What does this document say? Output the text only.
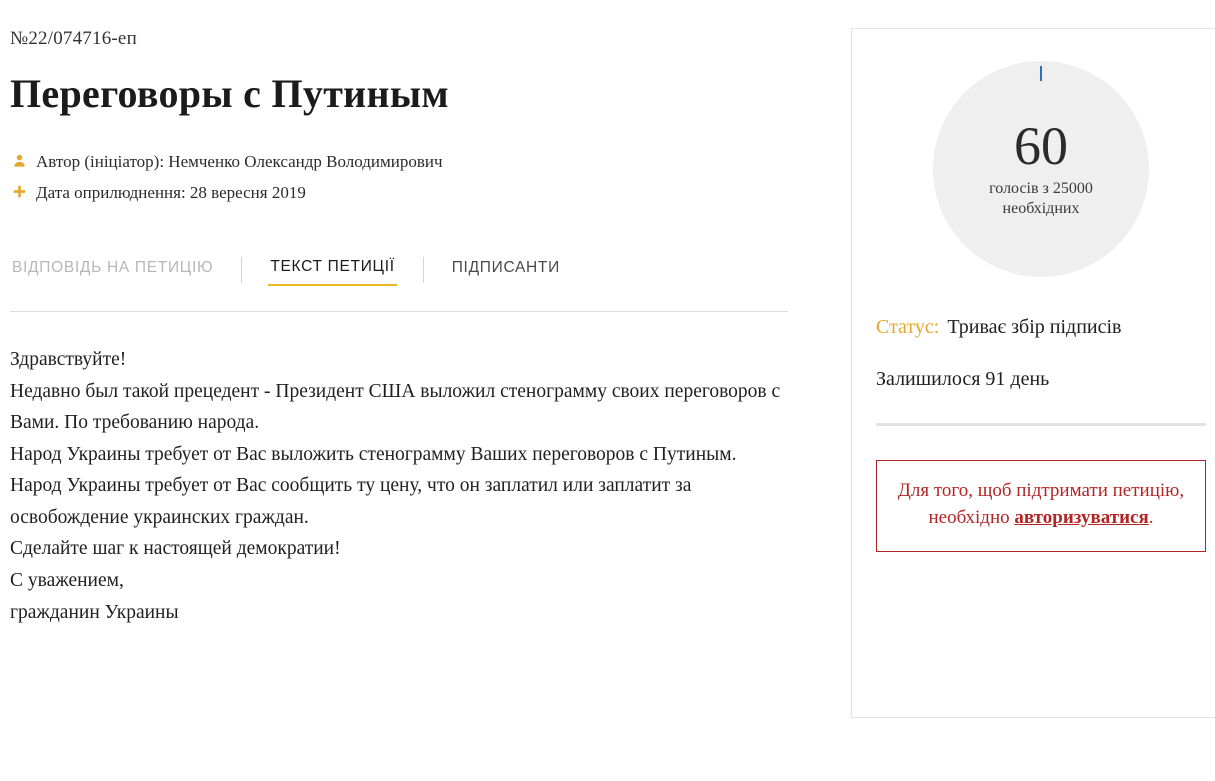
№22/074716-еп
Переговоры с Путиным
Автор (ініціатор): Немченко Олександр Володимирович
Дата оприлюднення: 28 вересня 2019
ВІДПОВІДЬ НА ПЕТИЦІЮ	ТЕКСТ ПЕТИЦІЇ	ПІДПИСАНТИ

Здравствуйте!

Недавно был такой прецедент - Президент США выложил стенограмму своих переговоров с Вами. По требованию народа.

Народ Украины требует от Вас выложить стенограмму Ваших переговоров с Путиным. Народ Украины требует от Вас сообщить ту цену, что он заплатил или заплатит за освобождение украинских граждан.

Сделайте шаг к настоящей демократии!

С уважением,

гражданин Украины

60
голосів з 25000
необхідних
Статус: Триває збір підписів
Залишилося 91 день
Для того, щоб підтримати петицію, необхідно авторизуватися.
